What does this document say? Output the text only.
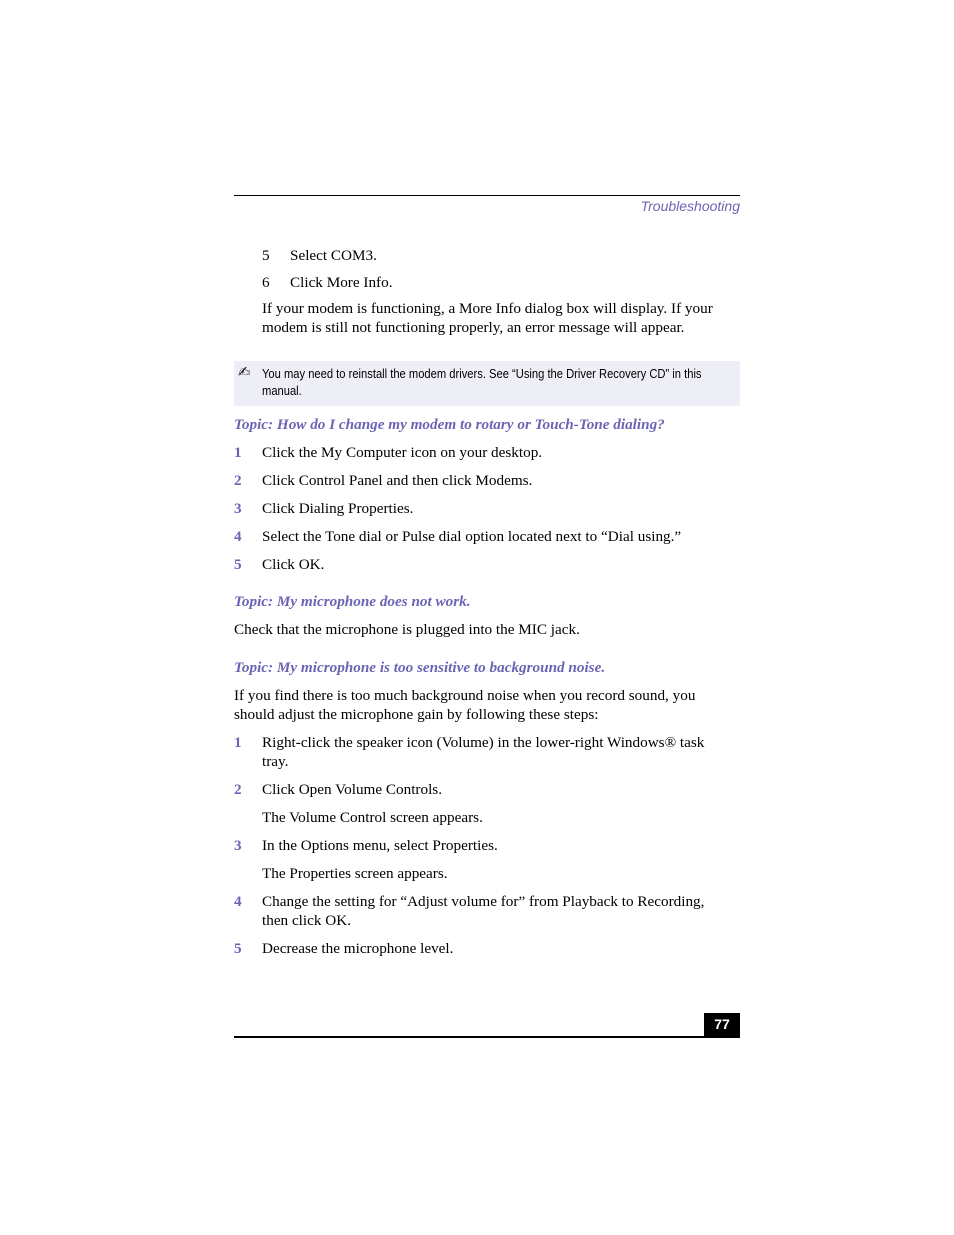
Troubleshooting
5 Select COM3.
6 Click More Info.
If your modem is functioning, a More Info dialog box will display. If your modem is still not functioning properly, an error message will appear.
✍ You may need to reinstall the modem drivers. See “Using the Driver Recovery CD” in this manual.
Topic: How do I change my modem to rotary or Touch-Tone dialing?
1 Click the My Computer icon on your desktop.
2 Click Control Panel and then click Modems.
3 Click Dialing Properties.
4 Select the Tone dial or Pulse dial option located next to “Dial using.”
5 Click OK.
Topic: My microphone does not work.
Check that the microphone is plugged into the MIC jack.
Topic: My microphone is too sensitive to background noise.
If you find there is too much background noise when you record sound, you should adjust the microphone gain by following these steps:
1 Right-click the speaker icon (Volume) in the lower-right Windows® task tray.
2 Click Open Volume Controls.
The Volume Control screen appears.
3 In the Options menu, select Properties.
The Properties screen appears.
4 Change the setting for “Adjust volume for” from Playback to Recording, then click OK.
5 Decrease the microphone level.
77
